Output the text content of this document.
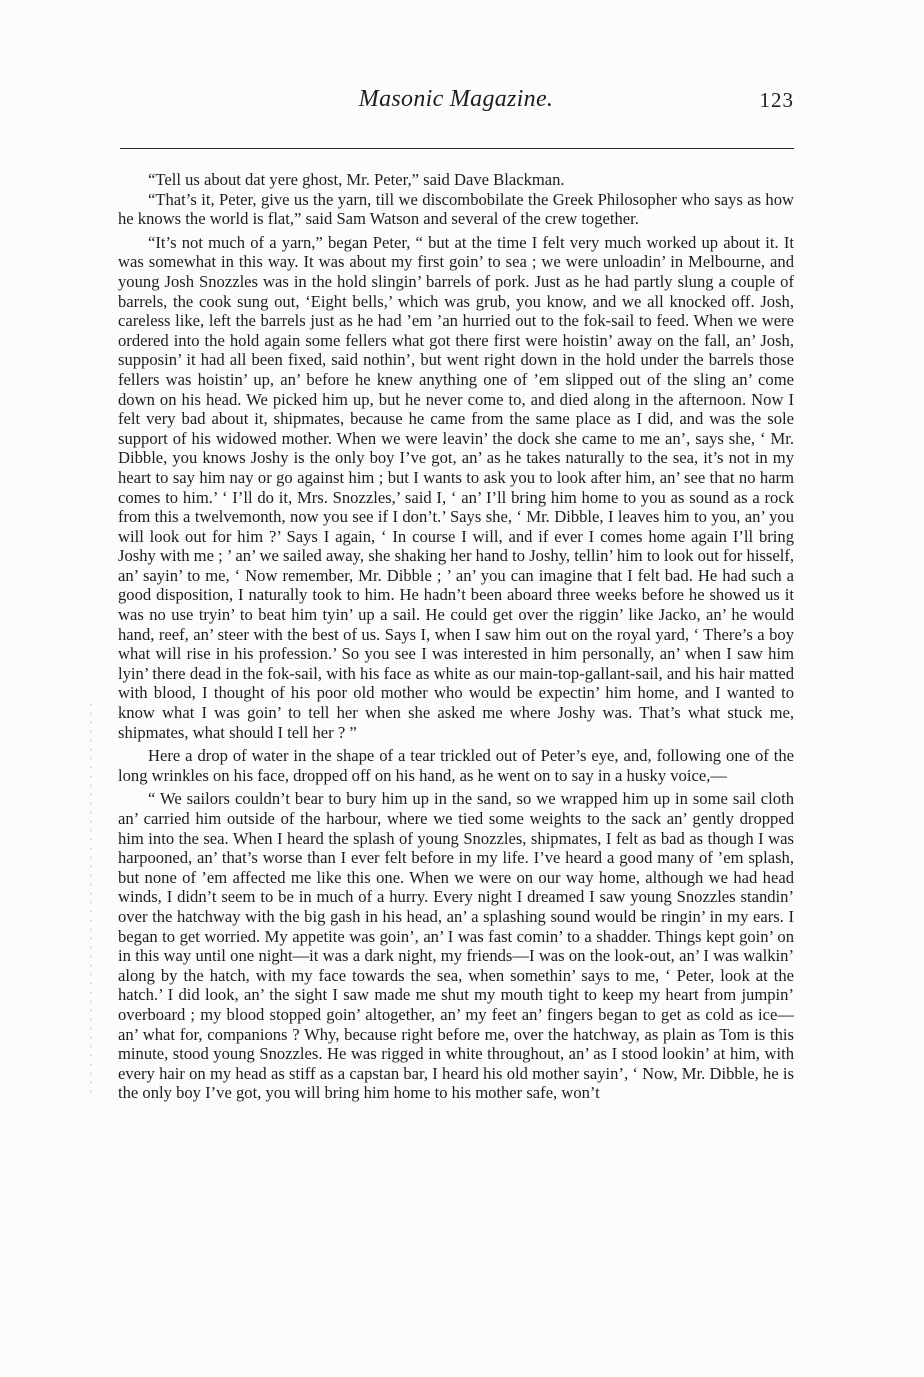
Masonic Magazine.	123

“Tell us about dat yere ghost, Mr. Peter,” said Dave Blackman.

“That’s it, Peter, give us the yarn, till we discombobilate the Greek Philosopher who says as how he knows the world is flat,” said Sam Watson and several of the crew together.

“It’s not much of a yarn,” began Peter, “ but at the time I felt very much worked up about it. It was somewhat in this way. It was about my first goin’ to sea ; we were unloadin’ in Melbourne, and young Josh Snozzles was in the hold slingin’ barrels of pork. Just as he had partly slung a couple of barrels, the cook sung out, ‘Eight bells,’ which was grub, you know, and we all knocked off. Josh, careless like, left the barrels just as he had ’em ’an hurried out to the fok-sail to feed. When we were ordered into the hold again some fellers what got there first were hoistin’ away on the fall, an’ Josh, supposin’ it had all been fixed, said nothin’, but went right down in the hold under the barrels those fellers was hoistin’ up, an’ before he knew anything one of ’em slipped out of the sling an’ come down on his head. We picked him up, but he never come to, and died along in the afternoon. Now I felt very bad about it, shipmates, because he came from the same place as I did, and was the sole support of his widowed mother. When we were leavin’ the dock she came to me an’, says she, ‘ Mr. Dibble, you knows Joshy is the only boy I’ve got, an’ as he takes naturally to the sea, it’s not in my heart to say him nay or go against him ; but I wants to ask you to look after him, an’ see that no harm comes to him.’ ‘ I’ll do it, Mrs. Snozzles,’ said I, ‘ an’ I’ll bring him home to you as sound as a rock from this a twelvemonth, now you see if I don’t.’ Says she, ‘ Mr. Dibble, I leaves him to you, an’ you will look out for him ?’ Says I again, ‘ In course I will, and if ever I comes home again I’ll bring Joshy with me ; ’ an’ we sailed away, she shaking her hand to Joshy, tellin’ him to look out for hisself, an’ sayin’ to me, ‘ Now remember, Mr. Dibble ; ’ an’ you can imagine that I felt bad. He had such a good disposition, I naturally took to him. He hadn’t been aboard three weeks before he showed us it was no use tryin’ to beat him tyin’ up a sail. He could get over the riggin’ like Jacko, an’ he would hand, reef, an’ steer with the best of us. Says I, when I saw him out on the royal yard, ‘ There’s a boy what will rise in his profession.’ So you see I was interested in him personally, an’ when I saw him lyin’ there dead in the fok-sail, with his face as white as our main-top-gallant-sail, and his hair matted with blood, I thought of his poor old mother who would be expectin’ him home, and I wanted to know what I was goin’ to tell her when she asked me where Joshy was. That’s what stuck me, shipmates, what should I tell her ? ”

Here a drop of water in the shape of a tear trickled out of Peter’s eye, and, following one of the long wrinkles on his face, dropped off on his hand, as he went on to say in a husky voice,—

“ We sailors couldn’t bear to bury him up in the sand, so we wrapped him up in some sail cloth an’ carried him outside of the harbour, where we tied some weights to the sack an’ gently dropped him into the sea. When I heard the splash of young Snozzles, shipmates, I felt as bad as though I was harpooned, an’ that’s worse than I ever felt before in my life. I’ve heard a good many of ’em splash, but none of ’em affected me like this one. When we were on our way home, although we had head winds, I didn’t seem to be in much of a hurry. Every night I dreamed I saw young Snozzles standin’ over the hatchway with the big gash in his head, an’ a splashing sound would be ringin’ in my ears. I began to get worried. My appetite was goin’, an’ I was fast comin’ to a shadder. Things kept goin’ on in this way until one night—it was a dark night, my friends—I was on the look-out, an’ I was walkin’ along by the hatch, with my face towards the sea, when somethin’ says to me, ‘ Peter, look at the hatch.’ I did look, an’ the sight I saw made me shut my mouth tight to keep my heart from jumpin’ overboard ; my blood stopped goin’ altogether, an’ my feet an’ fingers began to get as cold as ice—an’ what for, companions ? Why, because right before me, over the hatchway, as plain as Tom is this minute, stood young Snozzles. He was rigged in white throughout, an’ as I stood lookin’ at him, with every hair on my head as stiff as a capstan bar, I heard his old mother sayin’, ‘ Now, Mr. Dibble, he is the only boy I’ve got, you will bring him home to his mother safe, won’t
